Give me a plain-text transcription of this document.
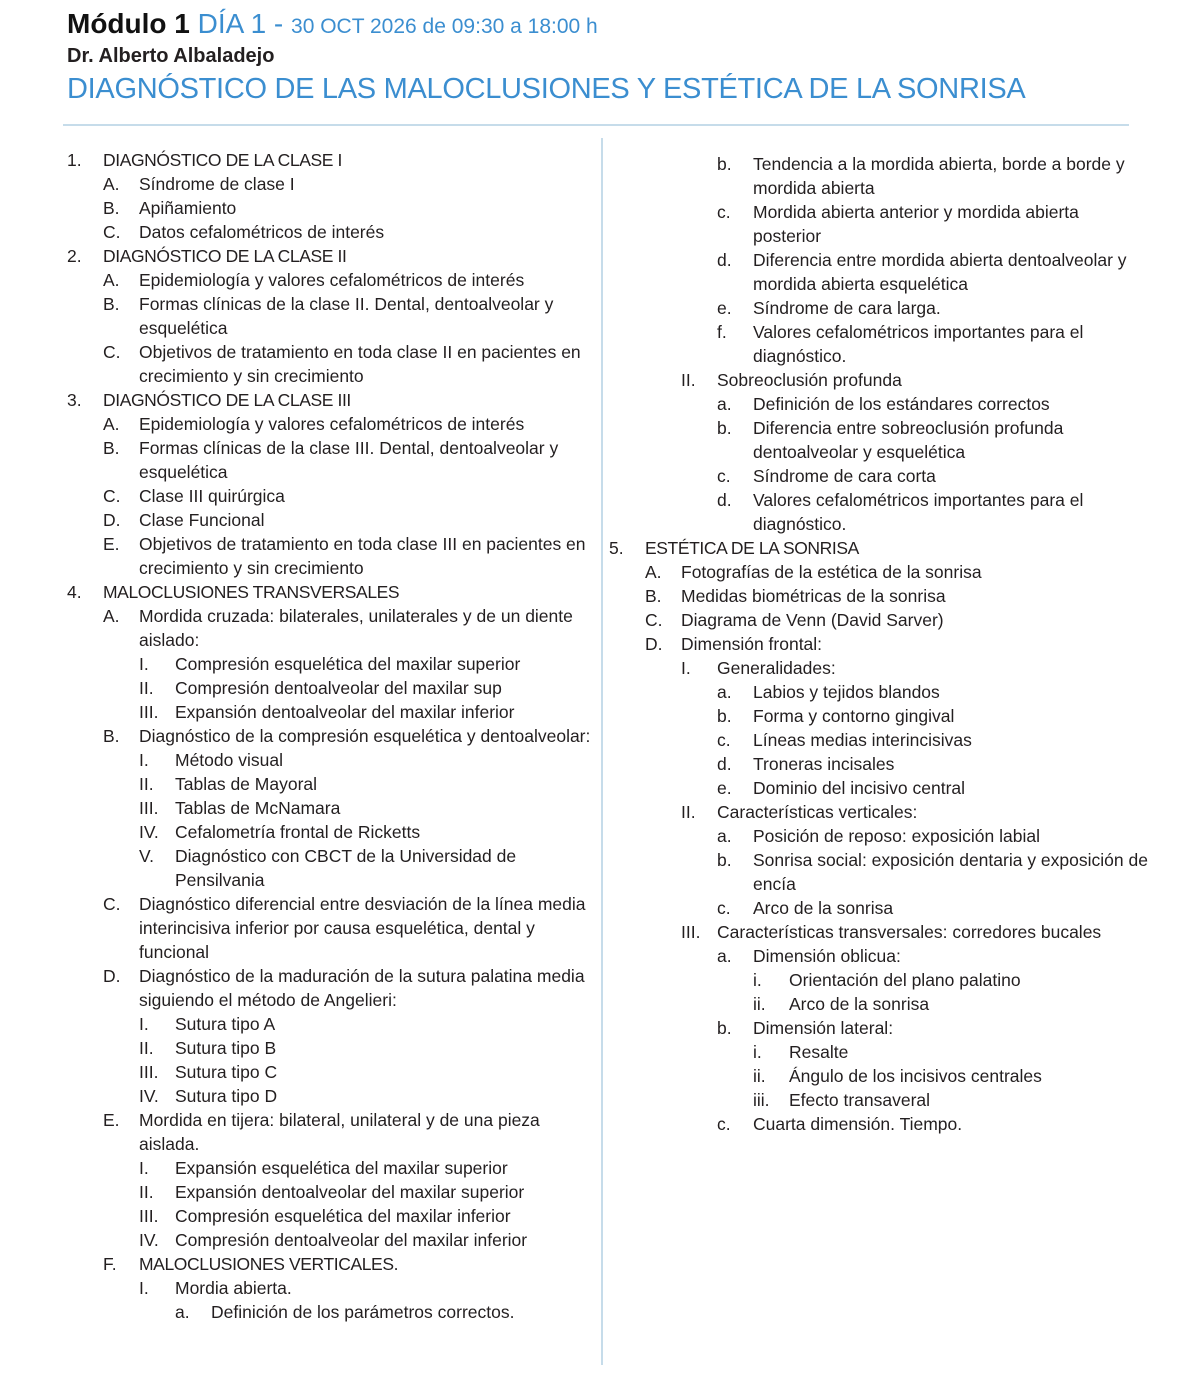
Módulo 1 DÍA 1 - 30 OCT 2026 de 09:30 a 18:00 h
Dr. Alberto Albaladejo
DIAGNÓSTICO DE LAS MALOCLUSIONES Y ESTÉTICA DE LA SONRISA
1.	DIAGNÓSTICO DE LA CLASE I
A.	Síndrome de clase I
B.	Apiñamiento
C.	Datos cefalométricos de interés
2.	DIAGNÓSTICO DE LA CLASE II
A.	Epidemiología y valores cefalométricos de interés
B.	Formas clínicas de la clase II. Dental, dentoalveolar y esquelética
C.	Objetivos de tratamiento en toda clase II en pacientes en crecimiento y sin crecimiento
3.	DIAGNÓSTICO DE LA CLASE III
A.	Epidemiología y valores cefalométricos de interés
B.	Formas clínicas de la clase III. Dental, dentoalveolar y esquelética
C.	Clase III quirúrgica
D.	Clase Funcional
E.	Objetivos de tratamiento en toda clase III en pacientes en crecimiento y sin crecimiento
4.	MALOCLUSIONES TRANSVERSALES
A.	Mordida cruzada: bilaterales, unilaterales y de un diente aislado:
I.	Compresión esquelética del maxilar superior
II.	Compresión dentoalveolar del maxilar sup
III. Expansión dentoalveolar del maxilar inferior
B.	Diagnóstico de la compresión esquelética y dentoalveolar:
I.	Método visual
II.	Tablas de Mayoral
III. Tablas de McNamara
IV. Cefalometría frontal de Ricketts
V.	Diagnóstico con CBCT de la Universidad de Pensilvania
C.	Diagnóstico diferencial entre desviación de la línea media interincisiva inferior por causa esquelética, dental y funcional
D.	Diagnóstico de la maduración de la sutura palatina media siguiendo el método de Angelieri:
I.	Sutura tipo A
II.	Sutura tipo B
III. Sutura tipo C
IV. Sutura tipo D
E.	Mordida en tijera: bilateral, unilateral y de una pieza aislada.
I.	Expansión esquelética del maxilar superior
II.	Expansión dentoalveolar del maxilar superior
III. Compresión esquelética del maxilar inferior
IV. Compresión dentoalveolar del maxilar inferior
F.	MALOCLUSIONES VERTICALES.
I.	Mordia abierta.
a.	Definición de los parámetros correctos.
b.	Tendencia a la mordida abierta, borde a borde y mordida abierta
c.	Mordida abierta anterior y mordida abierta posterior
d.	Diferencia entre mordida abierta dentoalveolar y mordida abierta esquelética
e.	Síndrome de cara larga.
f.	Valores cefalométricos importantes para el diagnóstico.
II.	Sobreoclusión profunda
a.	Definición de los estándares correctos
b.	Diferencia entre sobreoclusión profunda dentoalveolar y esquelética
c.	Síndrome de cara corta
d.	Valores cefalométricos importantes para el diagnóstico.
5.	ESTÉTICA DE LA SONRISA
A.	Fotografías de la estética de la sonrisa
B.	Medidas biométricas de la sonrisa
C.	Diagrama de Venn (David Sarver)
D.	Dimensión frontal:
I.	Generalidades:
a.	Labios y tejidos blandos
b.	Forma y contorno gingival
c.	Líneas medias interincisivas
d.	Troneras incisales
e.	Dominio del incisivo central
II.	Características verticales:
a.	Posición de reposo: exposición labial
b.	Sonrisa social: exposición dentaria y exposición de encía
c.	Arco de la sonrisa
III. Características transversales: corredores bucales
a.	Dimensión oblicua:
i.	Orientación del plano palatino
ii.	Arco de la sonrisa
b.	Dimensión lateral:
i.	Resalte
ii.	Ángulo de los incisivos centrales
iii.	Efecto transaveral
c.	Cuarta dimensión. Tiempo.
